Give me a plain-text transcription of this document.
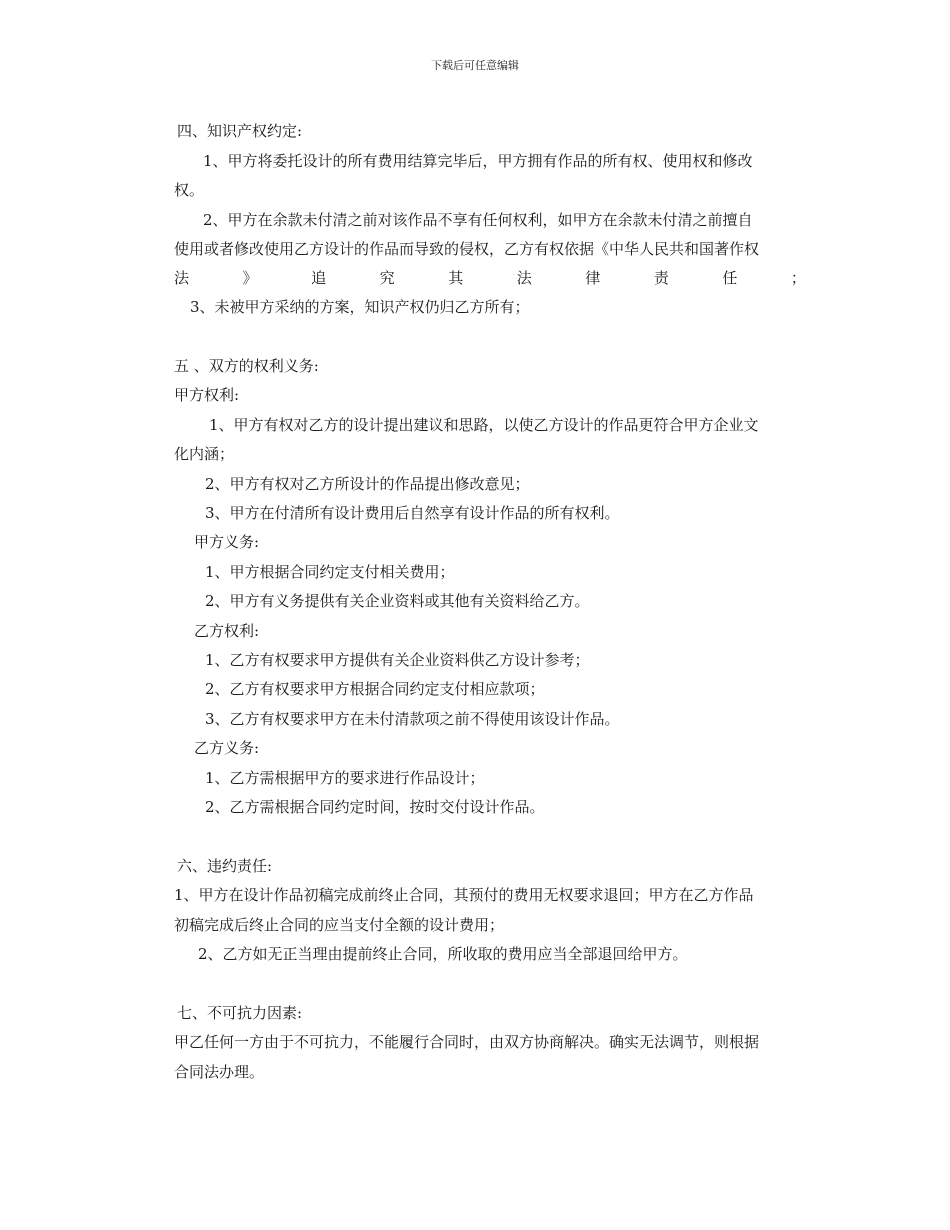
下载后可任意编辑
四、知识产权约定:
1、甲方将委托设计的所有费用结算完毕后，甲方拥有作品的所有权、使用权和修改
权。
2、甲方在余款未付清之前对该作品不享有任何权利，如甲方在余款未付清之前擅自
使用或者修改使用乙方设计的作品而导致的侵权，乙方有权依据《中华人民共和国著作权
法	》	追	究	其	法	律	责	任	；
3、未被甲方采纳的方案，知识产权仍归乙方所有；
五 、双方的权利义务:
甲方权利:
1、甲方有权对乙方的设计提出建议和思路，以使乙方设计的作品更符合甲方企业文
化内涵；
2、甲方有权对乙方所设计的作品提出修改意见；
3、甲方在付清所有设计费用后自然享有设计作品的所有权利。
甲方义务:
1、甲方根据合同约定支付相关费用；
2、甲方有义务提供有关企业资料或其他有关资料给乙方。
乙方权利:
1、乙方有权要求甲方提供有关企业资料供乙方设计参考；
2、乙方有权要求甲方根据合同约定支付相应款项；
3、乙方有权要求甲方在未付清款项之前不得使用该设计作品。
乙方义务:
1、乙方需根据甲方的要求进行作品设计；
2、乙方需根据合同约定时间，按时交付设计作品。
六、违约责任:
1、甲方在设计作品初稿完成前终止合同，其预付的费用无权要求退回；甲方在乙方作品
初稿完成后终止合同的应当支付全额的设计费用；
2、乙方如无正当理由提前终止合同，所收取的费用应当全部退回给甲方。
七、不可抗力因素:
甲乙任何一方由于不可抗力，不能履行合同时，由双方协商解决。确实无法调节，则根据
合同法办理。
